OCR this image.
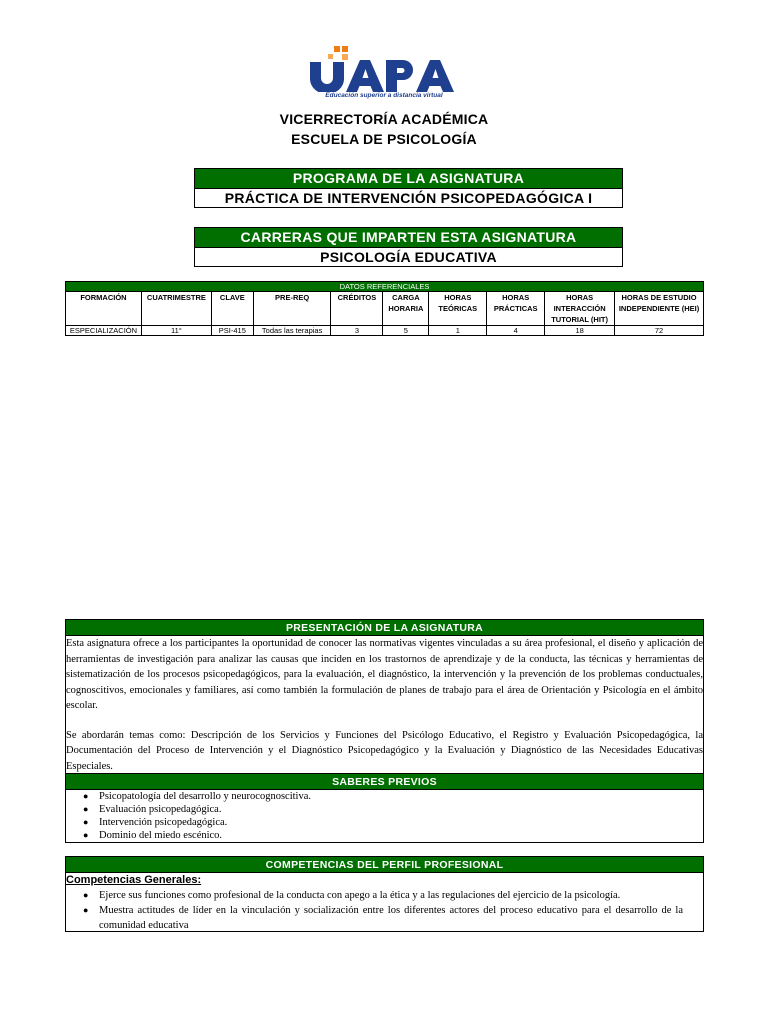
Educación superior a distancia virtual
VICERRECTORÍA ACADÉMICA
ESCUELA DE PSICOLOGÍA
PROGRAMA DE LA ASIGNATURA
PRÁCTICA DE INTERVENCIÓN PSICOPEDAGÓGICA I
CARRERAS QUE IMPARTEN ESTA ASIGNATURA
PSICOLOGÍA EDUCATIVA
DATOS REFERENCIALES									
FORMACIÓN	CUATRIMESTRE	CLAVE	PRE-REQ	CRÉDITOS	CARGA HORARIA	HORAS TEÓRICAS	HORAS PRÁCTICAS	HORAS INTERACCIÓN TUTORIAL (HIT)	HORAS DE ESTUDIO INDEPENDIENTE (HEI)
ESPECIALIZACIÓN	11°	PSI-415	Todas las terapias	3	5	1	4	18	72
PRESENTACIÓN DE LA ASIGNATURA

Esta asignatura ofrece a los participantes la oportunidad de conocer las normativas vigentes vinculadas a su área profesional, el diseño y aplicación de herramientas de investigación para analizar las causas que inciden en los trastornos de aprendizaje y de la conducta, las técnicas y herramientas de sistematización de los procesos psicopedagógicos, para la evaluación, el diagnóstico, la intervención y la prevención de los problemas conductuales, cognoscitivos, emocionales y familiares, así como también la formulación de planes de trabajo para el área de Orientación y Psicología en el ámbito escolar.

Se abordarán temas como: Descripción de los Servicios y Funciones del Psicólogo Educativo, el Registro y Evaluación Psicopedagógica, la Documentación del Proceso de Intervención y el Diagnóstico Psicopedagógico y la Evaluación y Diagnóstico de las Necesidades Educativas Especiales.

SABERES PREVIOS
● Psicopatología del desarrollo y neurocognoscitiva.
● Evaluación psicopedagógica.
● Intervención psicopedagógica.
● Dominio del miedo escénico.
COMPETENCIAS DEL PERFIL PROFESIONAL
Competencias Generales:
● Ejerce sus funciones como profesional de la conducta con apego a la ética y a las regulaciones del ejercicio de la psicología.
● Muestra actitudes de líder en la vinculación y socialización entre los diferentes actores del proceso educativo para el desarrollo de la comunidad educativa
